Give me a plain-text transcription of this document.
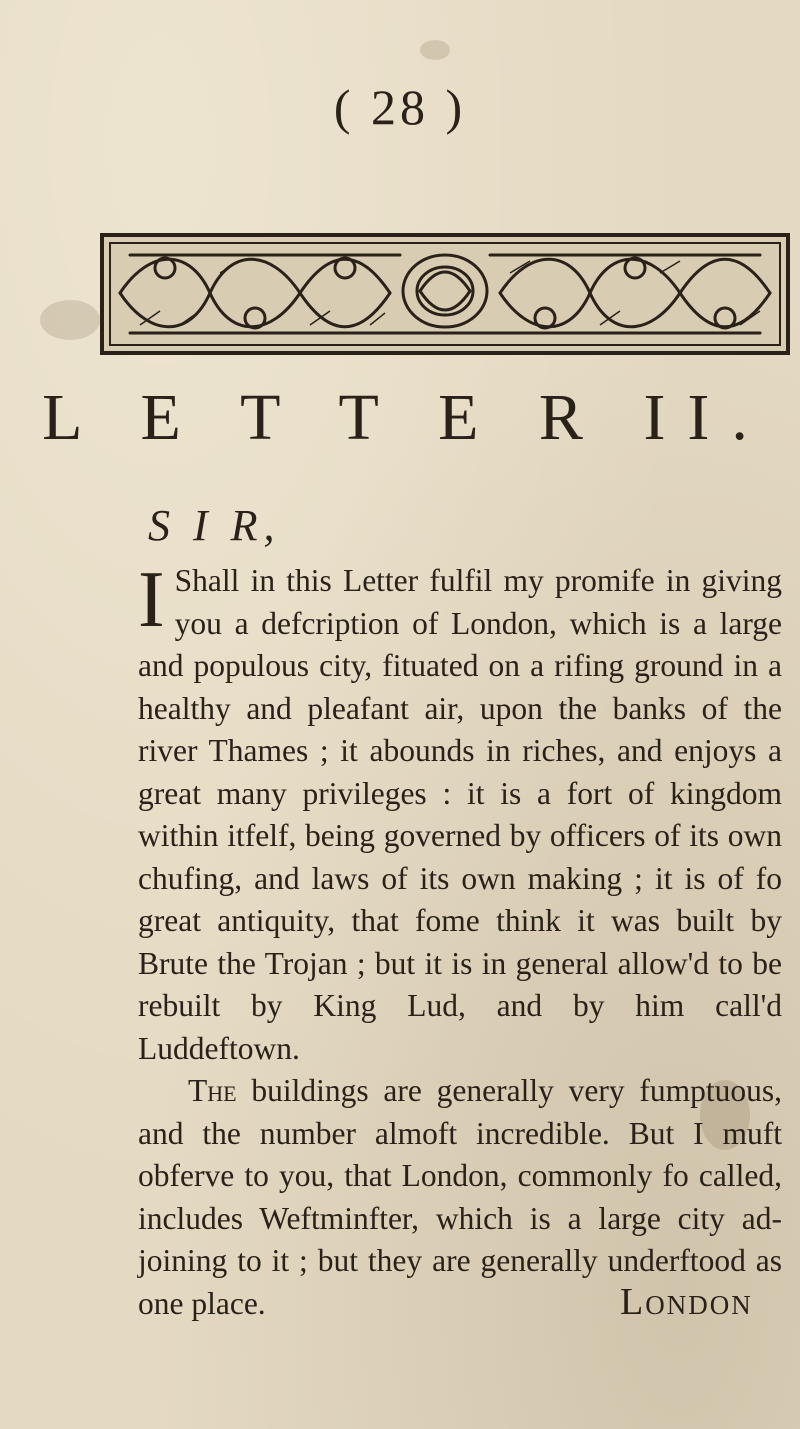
( 28 )
L E T T E R II.
S I R,

I Shall in this Letter fulfil my promife in giving you a defcription of London, which is a large and populous city, fituated on a rifing ground in a healthy and pleafant air, upon the banks of the river Thames ; it abounds in riches, and enjoys a great many privileges : it is a fort of kingdom within itfelf, being governed by officers of its own chufing, and laws of its own making ; it is of fo great antiquity, that fome think it was built by Brute the Trojan ; but it is in general allow'd to be rebuilt by King Lud, and by him call'd Luddeftown.

The buildings are generally very fumptuous, and the number almoft incredible. But I muft obferve to you, that London, commonly fo called, includes Weftminfter, which is a large city ad- joining to it ; but they are generally underftood as one place.	London
